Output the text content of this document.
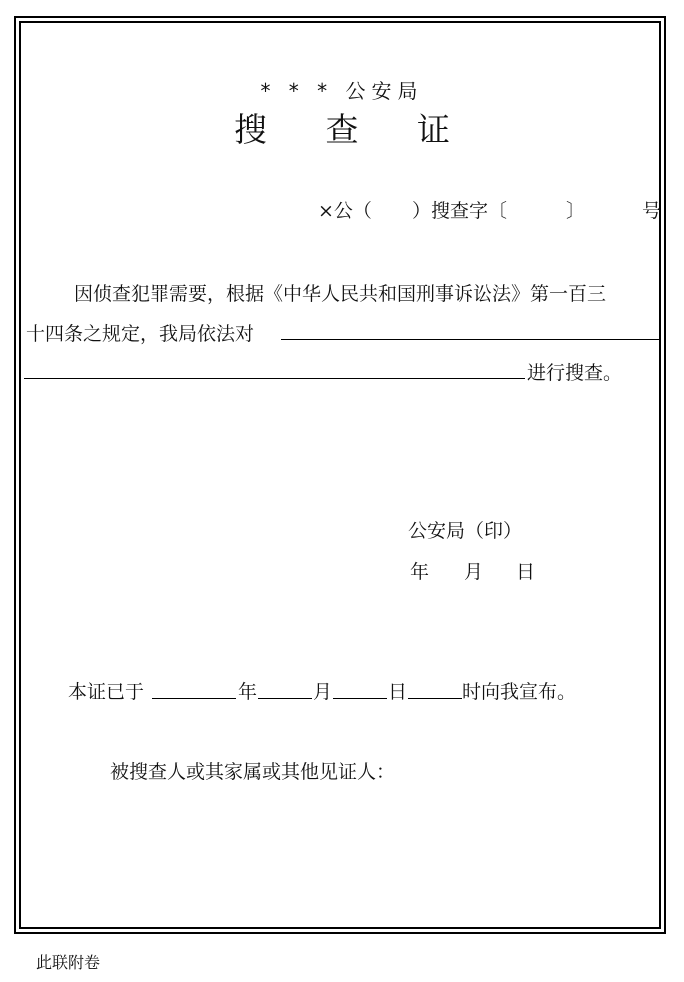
* * * 公安局
搜 查 证
×公（ ）搜查字〔	〕	号
因侦查犯罪需要，根据《中华人民共和国刑事诉讼法》第一百三
十四条之规定，我局依法对
进行搜查。
公安局（印）
年 月 日
本证已于	年	月	日	时向我宣布。
被搜查人或其家属或其他见证人：
此联附卷
